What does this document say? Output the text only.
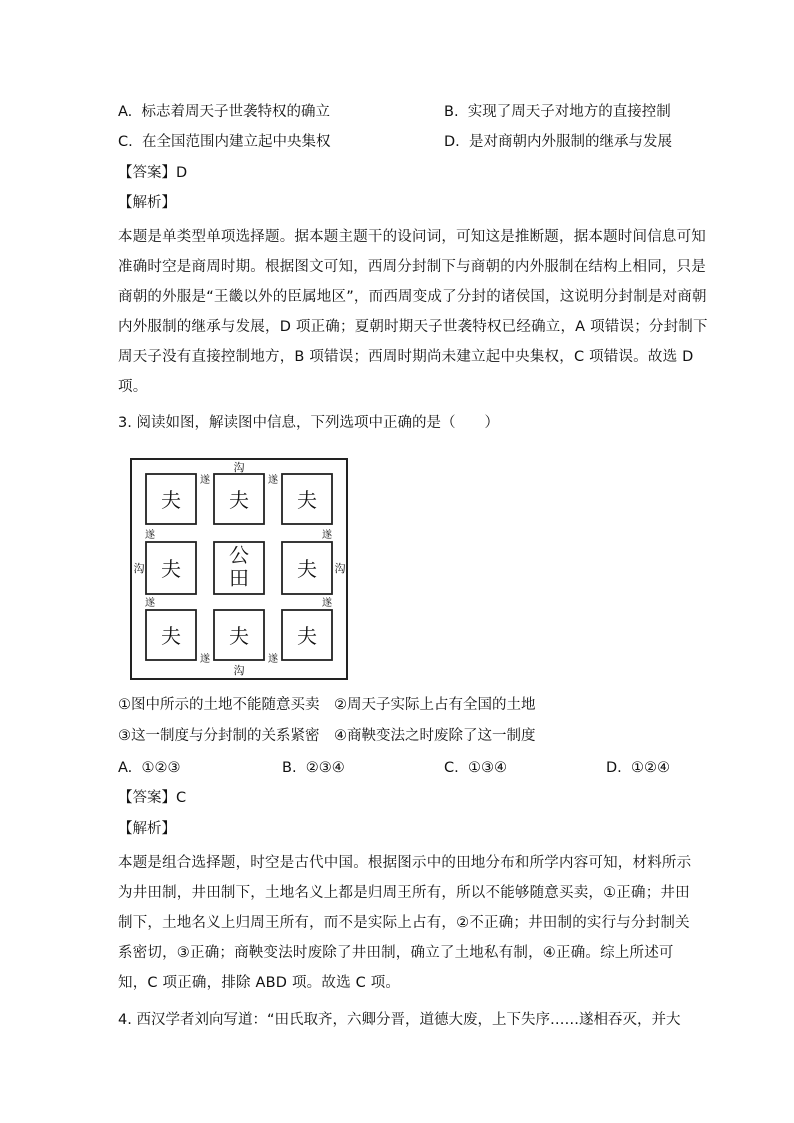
A. 标志着周天子世袭特权的确立	B. 实现了周天子对地方的直接控制
C. 在全国范围内建立起中央集权	D. 是对商朝内外服制的继承与发展
【答案】D
【解析】
本题是单类型单项选择题。据本题主题干的设问词，可知这是推断题，据本题时间信息可知
准确时空是商周时期。根据图文可知，西周分封制下与商朝的内外服制在结构上相同，只是
商朝的外服是“王畿以外的臣属地区”，而西周变成了分封的诸侯国，这说明分封制是对商朝
内外服制的继承与发展，D 项正确；夏朝时期天子世袭特权已经确立，A 项错误；分封制下
周天子没有直接控制地方，B 项错误；西周时期尚未建立起中央集权，C 项错误。故选 D
项。
3. 阅读如图，解读图中信息，下列选项中正确的是（　　）
夫 夫 夫
夫
公田 夫
夫 夫 夫
沟
沟
沟	沟
遂	遂
遂	遂
遂	遂
遂	遂
①图中所示的土地不能随意买卖　②周天子实际上占有全国的土地
③这一制度与分封制的关系紧密　④商鞅变法之时废除了这一制度
A. ①②③	B. ②③④	C. ①③④	D. ①②④
【答案】C
【解析】
本题是组合选择题，时空是古代中国。根据图示中的田地分布和所学内容可知，材料所示
为井田制，井田制下，土地名义上都是归周王所有，所以不能够随意买卖，①正确；井田
制下，土地名义上归周王所有，而不是实际上占有，②不正确；井田制的实行与分封制关
系密切，③正确；商鞅变法时废除了井田制，确立了土地私有制，④正确。综上所述可
知，C 项正确，排除 ABD 项。故选 C 项。
4. 西汉学者刘向写道：“田氏取齐，六卿分晋，道德大废，上下失序……遂相吞灭，并大
